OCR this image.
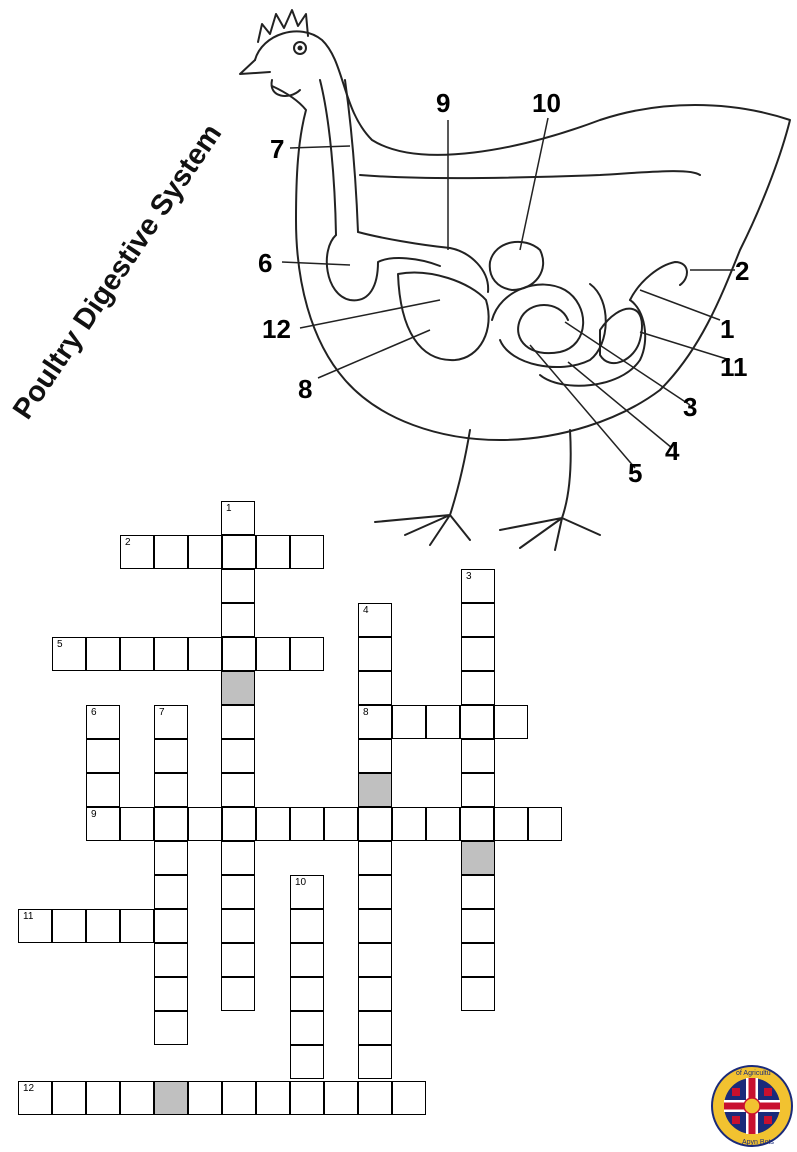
Poultry Digestive System	1
2
3
4
5
6
7
8
9	10
11
12
1
2
3
4
5
6	7	8
9
10
11
12
of Agricultu
Apyn Bots
